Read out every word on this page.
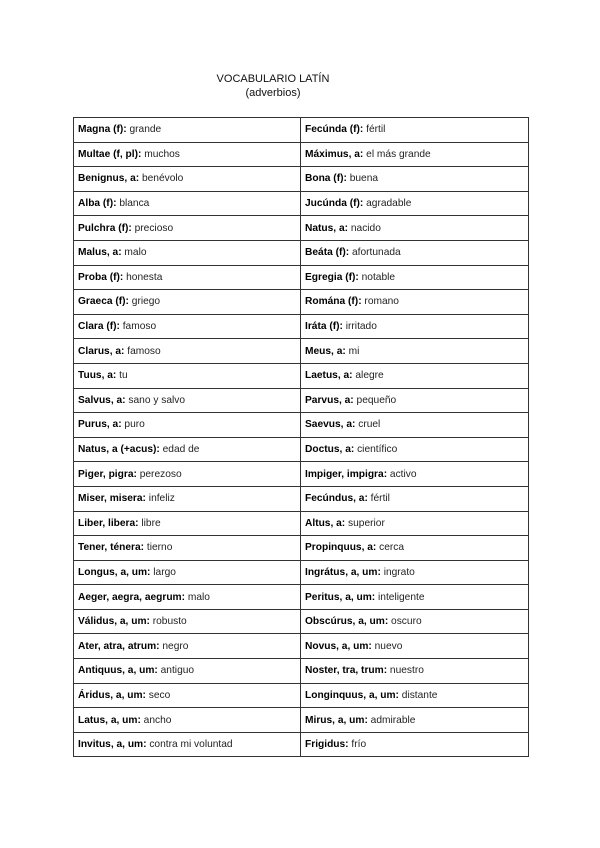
VOCABULARIO LATÍN

(adverbios)
Magna (f): grande	Fecúnda (f): fértil
Multae (f, pl): muchos	Máximus, a: el más grande
Benignus, a: benévolo	Bona (f): buena
Alba (f): blanca	Jucúnda (f): agradable
Pulchra (f): precioso	Natus, a: nacido
Malus, a: malo	Beáta (f): afortunada
Proba (f): honesta	Egregia (f): notable
Graeca (f): griego	Romána (f): romano
Clara (f): famoso	Iráta (f): irritado
Clarus, a: famoso	Meus, a: mi
Tuus, a: tu	Laetus, a: alegre
Salvus, a: sano y salvo	Parvus, a: pequeño
Purus, a: puro	Saevus, a: cruel
Natus, a (+acus): edad de	Doctus, a: científico
Piger, pigra: perezoso	Impiger, impigra: activo
Miser, misera: infeliz	Fecúndus, a: fértil
Liber, libera: libre	Altus, a: superior
Tener, ténera: tierno	Propinquus, a: cerca
Longus, a, um: largo	Ingrátus, a, um: ingrato
Aeger, aegra, aegrum: malo	Peritus, a, um: inteligente
Válidus, a, um: robusto	Obscúrus, a, um: oscuro
Ater, atra, atrum: negro	Novus, a, um: nuevo
Antiquus, a, um: antiguo	Noster, tra, trum: nuestro
Áridus, a, um: seco	Longinquus, a, um: distante
Latus, a, um: ancho	Mirus, a, um: admirable
Invitus, a, um: contra mi voluntad	Frigidus: frío
